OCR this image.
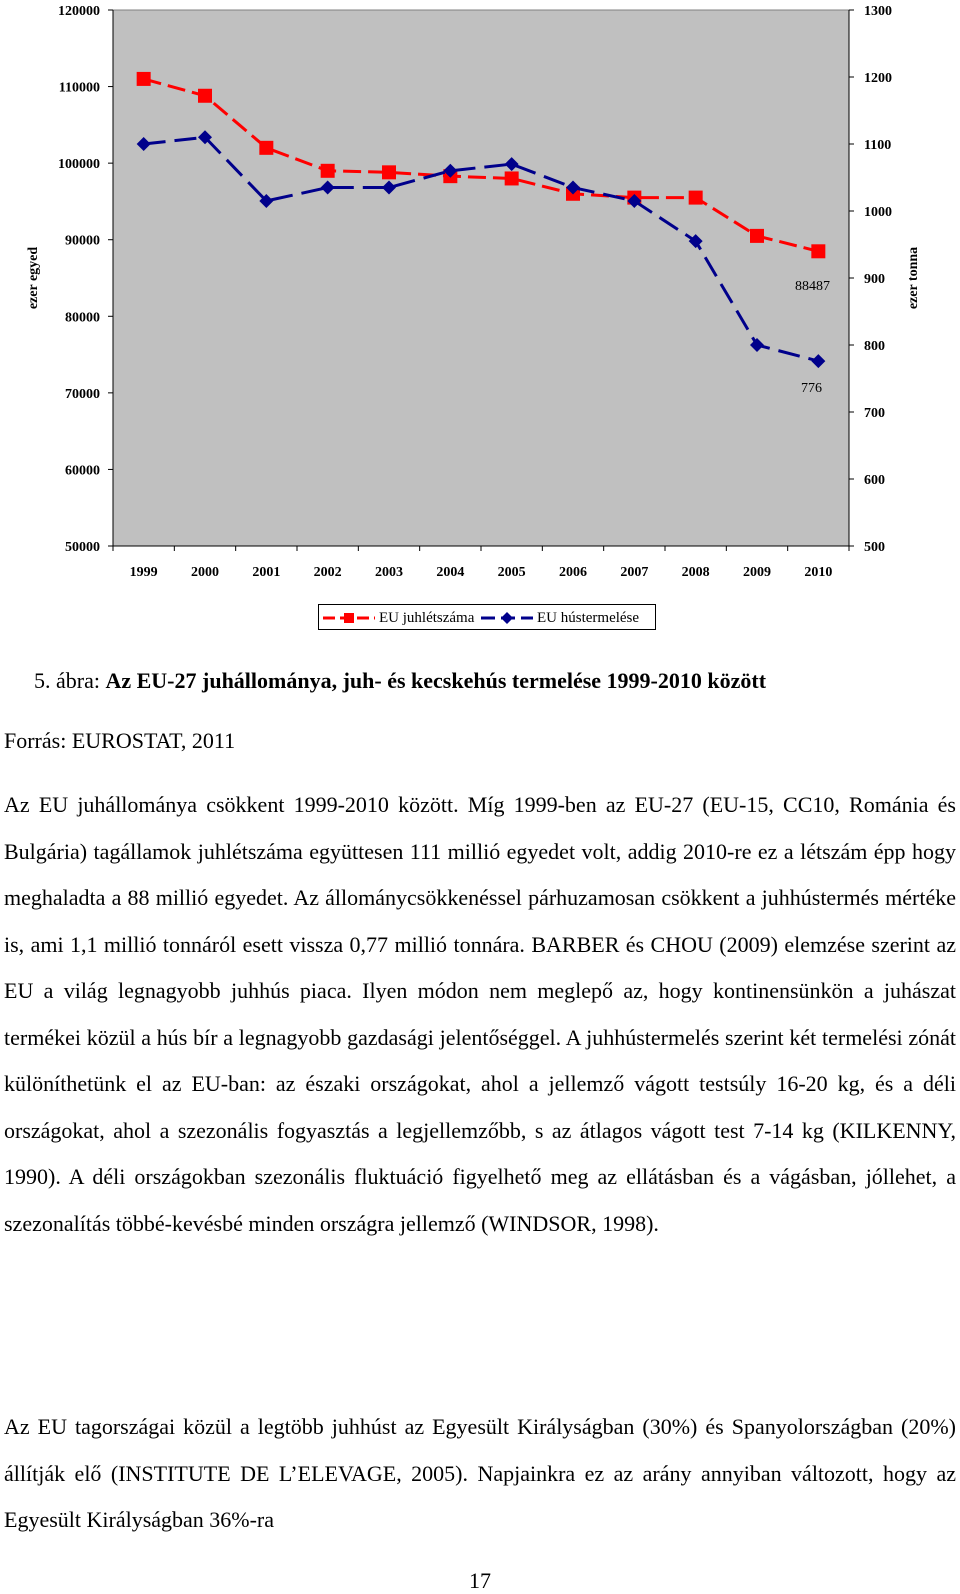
50000
60000
70000
80000
90000
100000
110000
120000
500
600
700
800
900
1000
1100
1200
1300
1999 2000 2001 2002 2003 2004 2005 2006 2007 2008 2009 2010
ezer egyed	ezer tonna
88487
776
EU juhlétszáma	EU hústermelése
5. ábra: Az EU-27 juhállománya, juh- és kecskehús termelése 1999-2010 között
Forrás: EUROSTAT, 2011

Az EU juhállománya csökkent 1999-2010 között. Míg 1999-ben az EU-27 (EU-15, CC10, Románia és Bulgária) tagállamok juhlétszáma együttesen 111 millió egyedet volt, addig 2010-re ez a létszám épp hogy meghaladta a 88 millió egyedet. Az állománycsökkenéssel párhuzamosan csökkent a juhhústermés mértéke is, ami 1,1 millió tonnáról esett vissza 0,77 millió tonnára. BARBER és CHOU (2009) elemzése szerint az EU a világ legnagyobb juhhús piaca. Ilyen módon nem meglepő az, hogy kontinensünkön a juhászat termékei közül a hús bír a legnagyobb gazdasági jelentőséggel. A juhhústermelés szerint két termelési zónát különíthetünk el az EU-ban: az északi országokat, ahol a jellemző vágott testsúly 16-20 kg, és a déli országokat, ahol a szezonális fogyasztás a legjellemzőbb, s az átlagos vágott test 7-14 kg (KILKENNY, 1990). A déli országokban szezonális fluktuáció figyelhető meg az ellátásban és a vágásban, jóllehet, a szezonalítás többé-kevésbé minden országra jellemző (WINDSOR, 1998).

Az EU tagországai közül a legtöbb juhhúst az Egyesült Királyságban (30%) és Spanyolországban (20%) állítják elő (INSTITUTE DE L’ELEVAGE, 2005). Napjainkra ez az arány annyiban változott, hogy az Egyesült Királyságban 36%-ra

17
